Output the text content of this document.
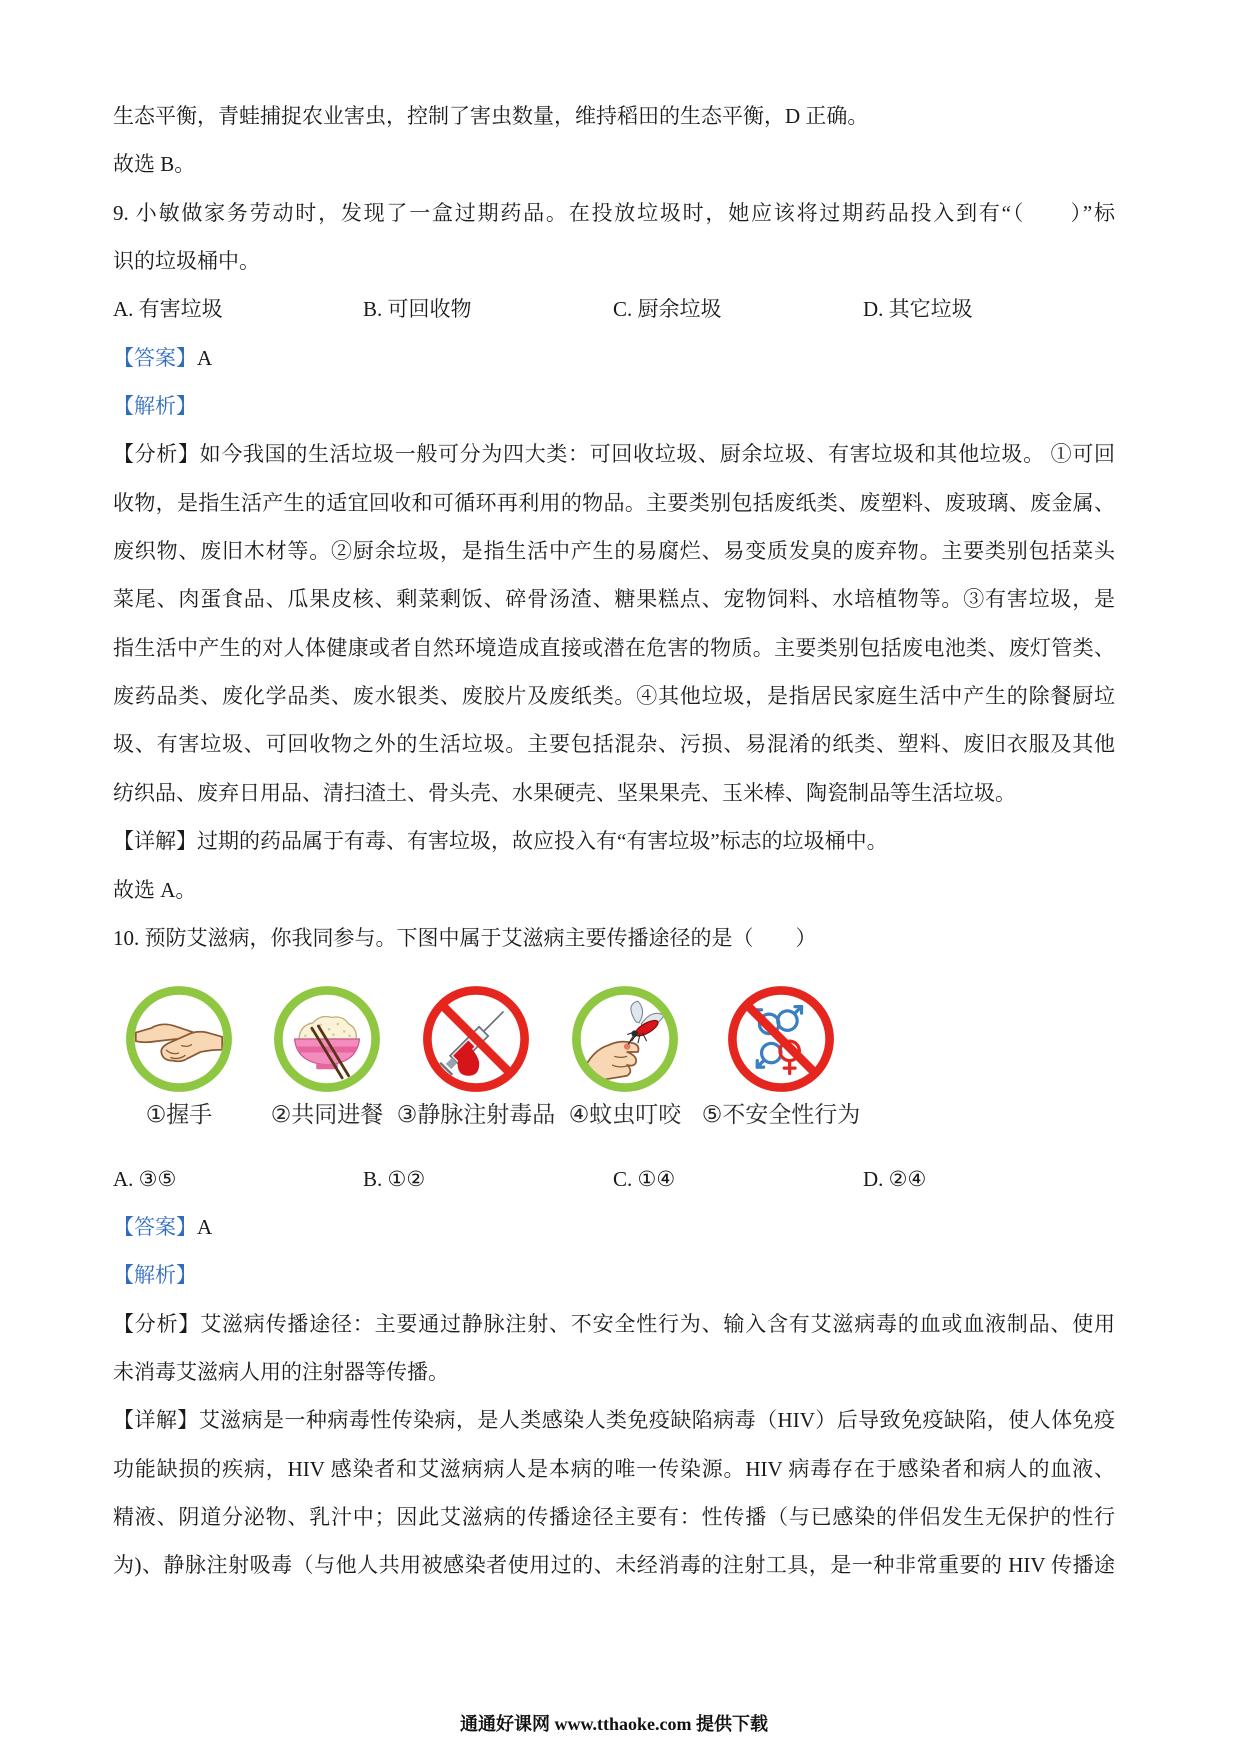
生态平衡，青蛙捕捉农业害虫，控制了害虫数量，维持稻田的生态平衡，D 正确。
故选 B。
9. 小敏做家务劳动时，发现了一盒过期药品。在投放垃圾时，她应该将过期药品投入到有“（　　）”标
识的垃圾桶中。
A. 有害垃圾	B. 可回收物	C. 厨余垃圾	D. 其它垃圾
【答案】A
【解析】
【分析】如今我国的生活垃圾一般可分为四大类：可回收垃圾、厨余垃圾、有害垃圾和其他垃圾。 ①可回
收物，是指生活产生的适宜回收和可循环再利用的物品。主要类别包括废纸类、废塑料、废玻璃、废金属、
废织物、废旧木材等。②厨余垃圾，是指生活中产生的易腐烂、易变质发臭的废弃物。主要类别包括菜头
菜尾、肉蛋食品、瓜果皮核、剩菜剩饭、碎骨汤渣、糖果糕点、宠物饲料、水培植物等。③有害垃圾，是
指生活中产生的对人体健康或者自然环境造成直接或潜在危害的物质。主要类别包括废电池类、废灯管类、
废药品类、废化学品类、废水银类、废胶片及废纸类。④其他垃圾，是指居民家庭生活中产生的除餐厨垃
圾、有害垃圾、可回收物之外的生活垃圾。主要包括混杂、污损、易混淆的纸类、塑料、废旧衣服及其他
纺织品、废弃日用品、清扫渣土、骨头壳、水果硬壳、坚果果壳、玉米棒、陶瓷制品等生活垃圾。
【详解】过期的药品属于有毒、有害垃圾，故应投入有“有害垃圾”标志的垃圾桶中。
故选 A。
10. 预防艾滋病，你我同参与。下图中属于艾滋病主要传播途径的是（　　）
①握手	②共同进餐 ③静脉注射毒品 ④蚊虫叮咬 ⑤不安全性行为
A. ③⑤	B. ①②	C. ①④	D. ②④
【答案】A
【解析】
【分析】艾滋病传播途径：主要通过静脉注射、不安全性行为、输入含有艾滋病毒的血或血液制品、使用
未消毒艾滋病人用的注射器等传播。
【详解】艾滋病是一种病毒性传染病，是人类感染人类免疫缺陷病毒（HIV）后导致免疫缺陷，使人体免疫
功能缺损的疾病，HIV 感染者和艾滋病病人是本病的唯一传染源。HIV 病毒存在于感染者和病人的血液、
精液、阴道分泌物、乳汁中；因此艾滋病的传播途径主要有：性传播（与已感染的伴侣发生无保护的性行
为)、静脉注射吸毒（与他人共用被感染者使用过的、未经消毒的注射工具，是一种非常重要的 HIV 传播途
通通好课网 www.tthaoke.com 提供下载
